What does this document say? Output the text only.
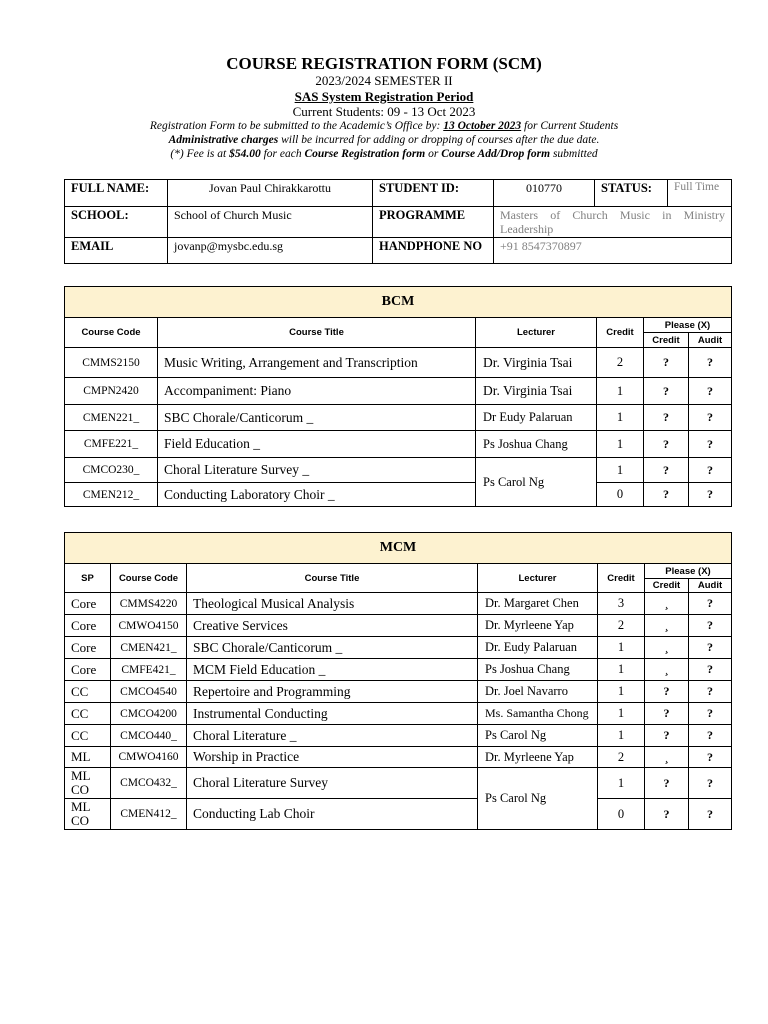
COURSE REGISTRATION FORM (SCM)
2023/2024 SEMESTER II
SAS System Registration Period
Current Students: 09 - 13 Oct 2023
Registration Form to be submitted to the Academic’s Office by: 13 October 2023 for Current Students
Administrative charges will be incurred for adding or dropping of courses after the due date.
(*) Fee is at $54.00 for each Course Registration form or Course Add/Drop form submitted
FULL NAME:	Jovan Paul Chirakkarottu	STUDENT ID:	010770	STATUS:	Full Time
SCHOOL:	School of Church Music	PROGRAMME	Masters of Church Music in Ministry Leadership		
EMAIL	jovanp@mysbc.edu.sg	HANDPHONE NO	+91 8547370897		
BCM					
Course Code	Course Title	Lecturer	Credit	Please (X)	
				Credit	Audit
CMMS2150	Music Writing, Arrangement and Transcription	Dr. Virginia Tsai	2	?	?
CMPN2420	Accompaniment: Piano	Dr. Virginia Tsai	1	?	?
CMEN221_	SBC Chorale/Canticorum _	Dr Eudy Palaruan	1	?	?
CMFE221_	Field Education _	Ps Joshua Chang	1	?	?
CMCO230_	Choral Literature Survey _	Ps Carol Ng	1	?	?
CMEN212_	Conducting Laboratory Choir _		0	?	?
MCM						
SP	Course Code	Course Title	Lecturer	Credit	Please (X)	
					Credit	Audit
Core	CMMS4220	Theological Musical Analysis	Dr. Margaret Chen	3	¸	?
Core	CMWO4150	Creative Services	Dr. Myrleene Yap	2	¸	?
Core	CMEN421_	SBC Chorale/Canticorum _	Dr. Eudy Palaruan	1	¸	?
Core	CMFE421_	MCM Field Education _	Ps Joshua Chang	1	¸	?
CC	CMCO4540	Repertoire and Programming	Dr. Joel Navarro	1	?	?
CC	CMCO4200	Instrumental Conducting	Ms. Samantha Chong	1	?	?
CC	CMCO440_	Choral Literature _	Ps Carol Ng	1	?	?
ML	CMWO4160	Worship in Practice	Dr. Myrleene Yap	2	¸	?
ML CO	CMCO432_	Choral Literature Survey	Ps Carol Ng	1	?	?
ML CO	CMEN412_	Conducting Lab Choir		0	?	?
